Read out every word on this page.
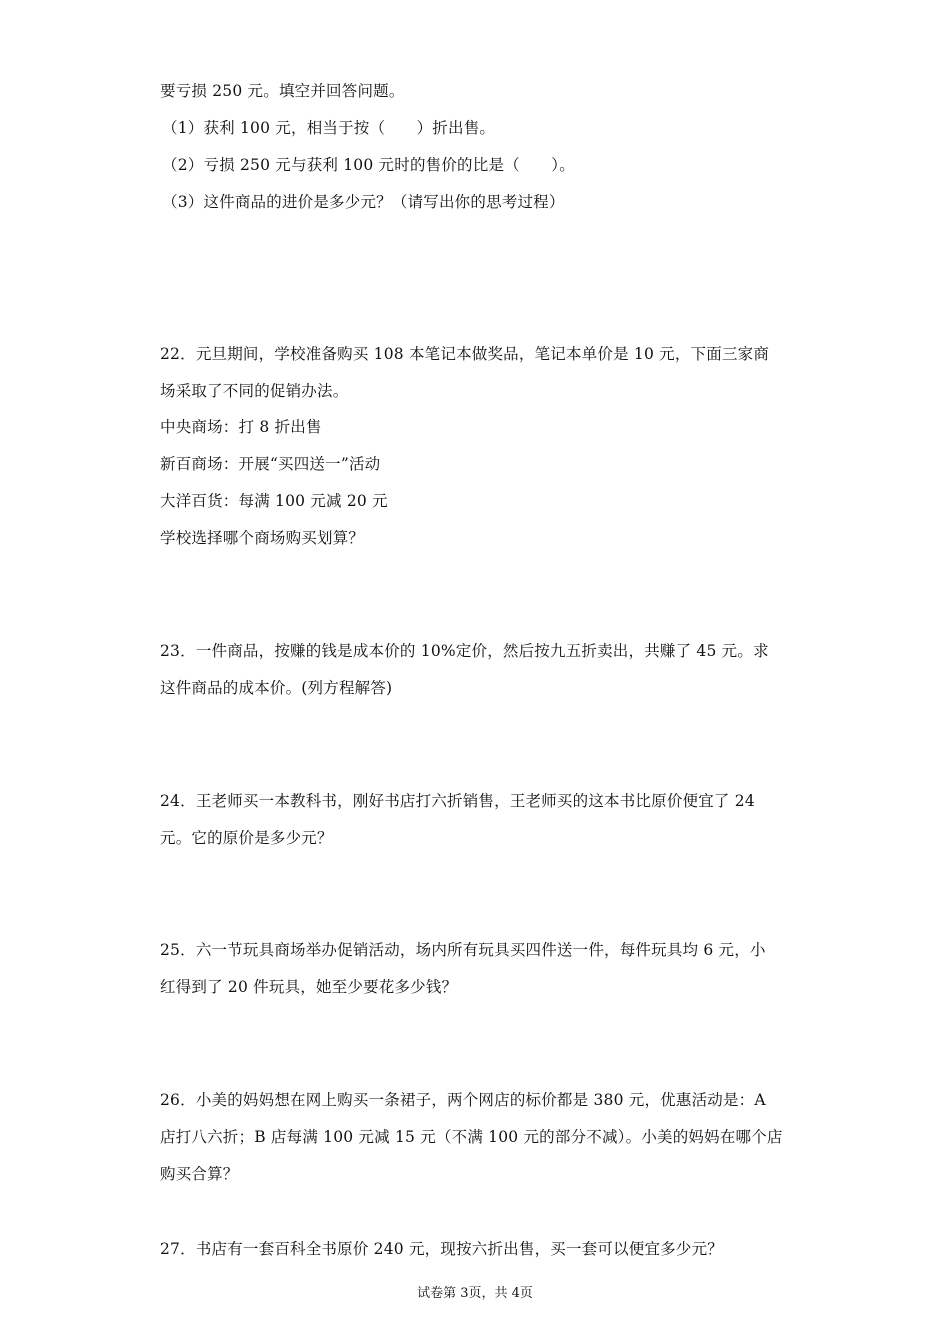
要亏损 250 元。填空并回答问题。
（1）获利 100 元，相当于按（　　）折出售。
（2）亏损 250 元与获利 100 元时的售价的比是（　　）。
（3）这件商品的进价是多少元？（请写出你的思考过程）
22．元旦期间，学校准备购买 108 本笔记本做奖品，笔记本单价是 10 元，下面三家商
场采取了不同的促销办法。
中央商场：打 8 折出售
新百商场：开展“买四送一”活动
大洋百货：每满 100 元减 20 元
学校选择哪个商场购买划算？
23．一件商品，按赚的钱是成本价的 10%定价，然后按九五折卖出，共赚了 45 元。求
这件商品的成本价。(列方程解答)
24．王老师买一本教科书，刚好书店打六折销售，王老师买的这本书比原价便宜了 24
元。它的原价是多少元？
25．六一节玩具商场举办促销活动，场内所有玩具买四件送一件，每件玩具均 6 元，小
红得到了 20 件玩具，她至少要花多少钱？
26．小美的妈妈想在网上购买一条裙子，两个网店的标价都是 380 元，优惠活动是：A
店打八六折；B 店每满 100 元减 15 元（不满 100 元的部分不减）。小美的妈妈在哪个店
购买合算？
27．书店有一套百科全书原价 240 元，现按六折出售，买一套可以便宜多少元？
试卷第 3页，共 4页
